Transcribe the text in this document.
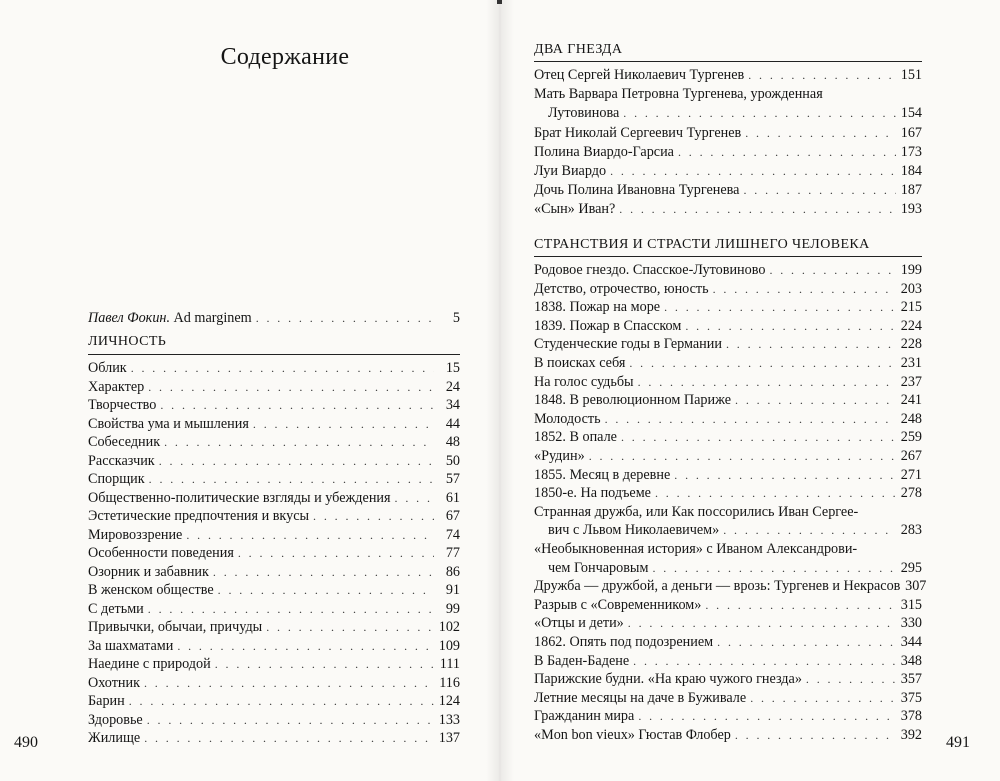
Содержание
Павел Фокин.
Ad marginem . . .	5
ЛИЧНОСТЬ
Облик . . .	15
Характер . . .	24
Творчество . . .	34
Свойства ума и мышления . . .	44
Собеседник . . .	48
Рассказчик . . .	50
Спорщик . . .	57
Общественно-политические взгляды и убеждения . . .	61
Эстетические предпочтения и вкусы . . .	67
Мировоззрение . . .	74
Особенности поведения . . .	77
Озорник и забавник . . .	86
В женском обществе . . .	91
С детьми . . .	99
Привычки, обычаи, причуды . . .	102
За шахматами . . .	109
Наедине с природой . . .	111
Охотник . . .	116
Барин . . .	124
Здоровье . . .	133
Жилище . . .	137
490
ДВА ГНЕЗДА
Отец Сергей Николаевич Тургенев . . .	151
Мать Варвара Петровна Тургенева, урожденная
Лутовинова . . .	154
Брат Николай Сергеевич Тургенев . . .	167
Полина Виардо-Гарсиа . . .	173
Луи Виардо . . .	184
Дочь Полина Ивановна Тургенева . . .	187
«Сын» Иван? . . .	193
СТРАНСТВИЯ И СТРАСТИ ЛИШНЕГО ЧЕЛОВЕКА
Родовое гнездо. Спасское-Лутовиново . . .	199
Детство, отрочество, юность . . .	203
1838. Пожар на море . . .	215
1839. Пожар в Спасском . . .	224
Студенческие годы в Германии . . .	228
В поисках себя . . .	231
На голос судьбы . . .	237
1848. В революционном Париже . . .	241
Молодость . . .	248
1852. В опале . . .	259
«Рудин» . . .	267
1855. Месяц в деревне . . .	271
1850-е. На подъеме . . .	278
Странная дружба, или Как поссорились Иван Сергее-
вич с Львом Николаевичем» . . .	283
«Необыкновенная история» с Иваном Александрови-
чем Гончаровым . . .	295
Дружба — дружбой, а деньги — врозь: Тургенев и Некрасов 307
Разрыв с «Современником» . . .	315
«Отцы и дети» . . .	330
1862. Опять под подозрением . . .	344
В Баден-Бадене . . .	348
Парижские будни. «На краю чужого гнезда» . . .	357
Летние месяцы на даче в Буживале . . .	375
Гражданин мира . . .	378
«Mon bon vieux» Гюстав Флобер . . .	392 491
